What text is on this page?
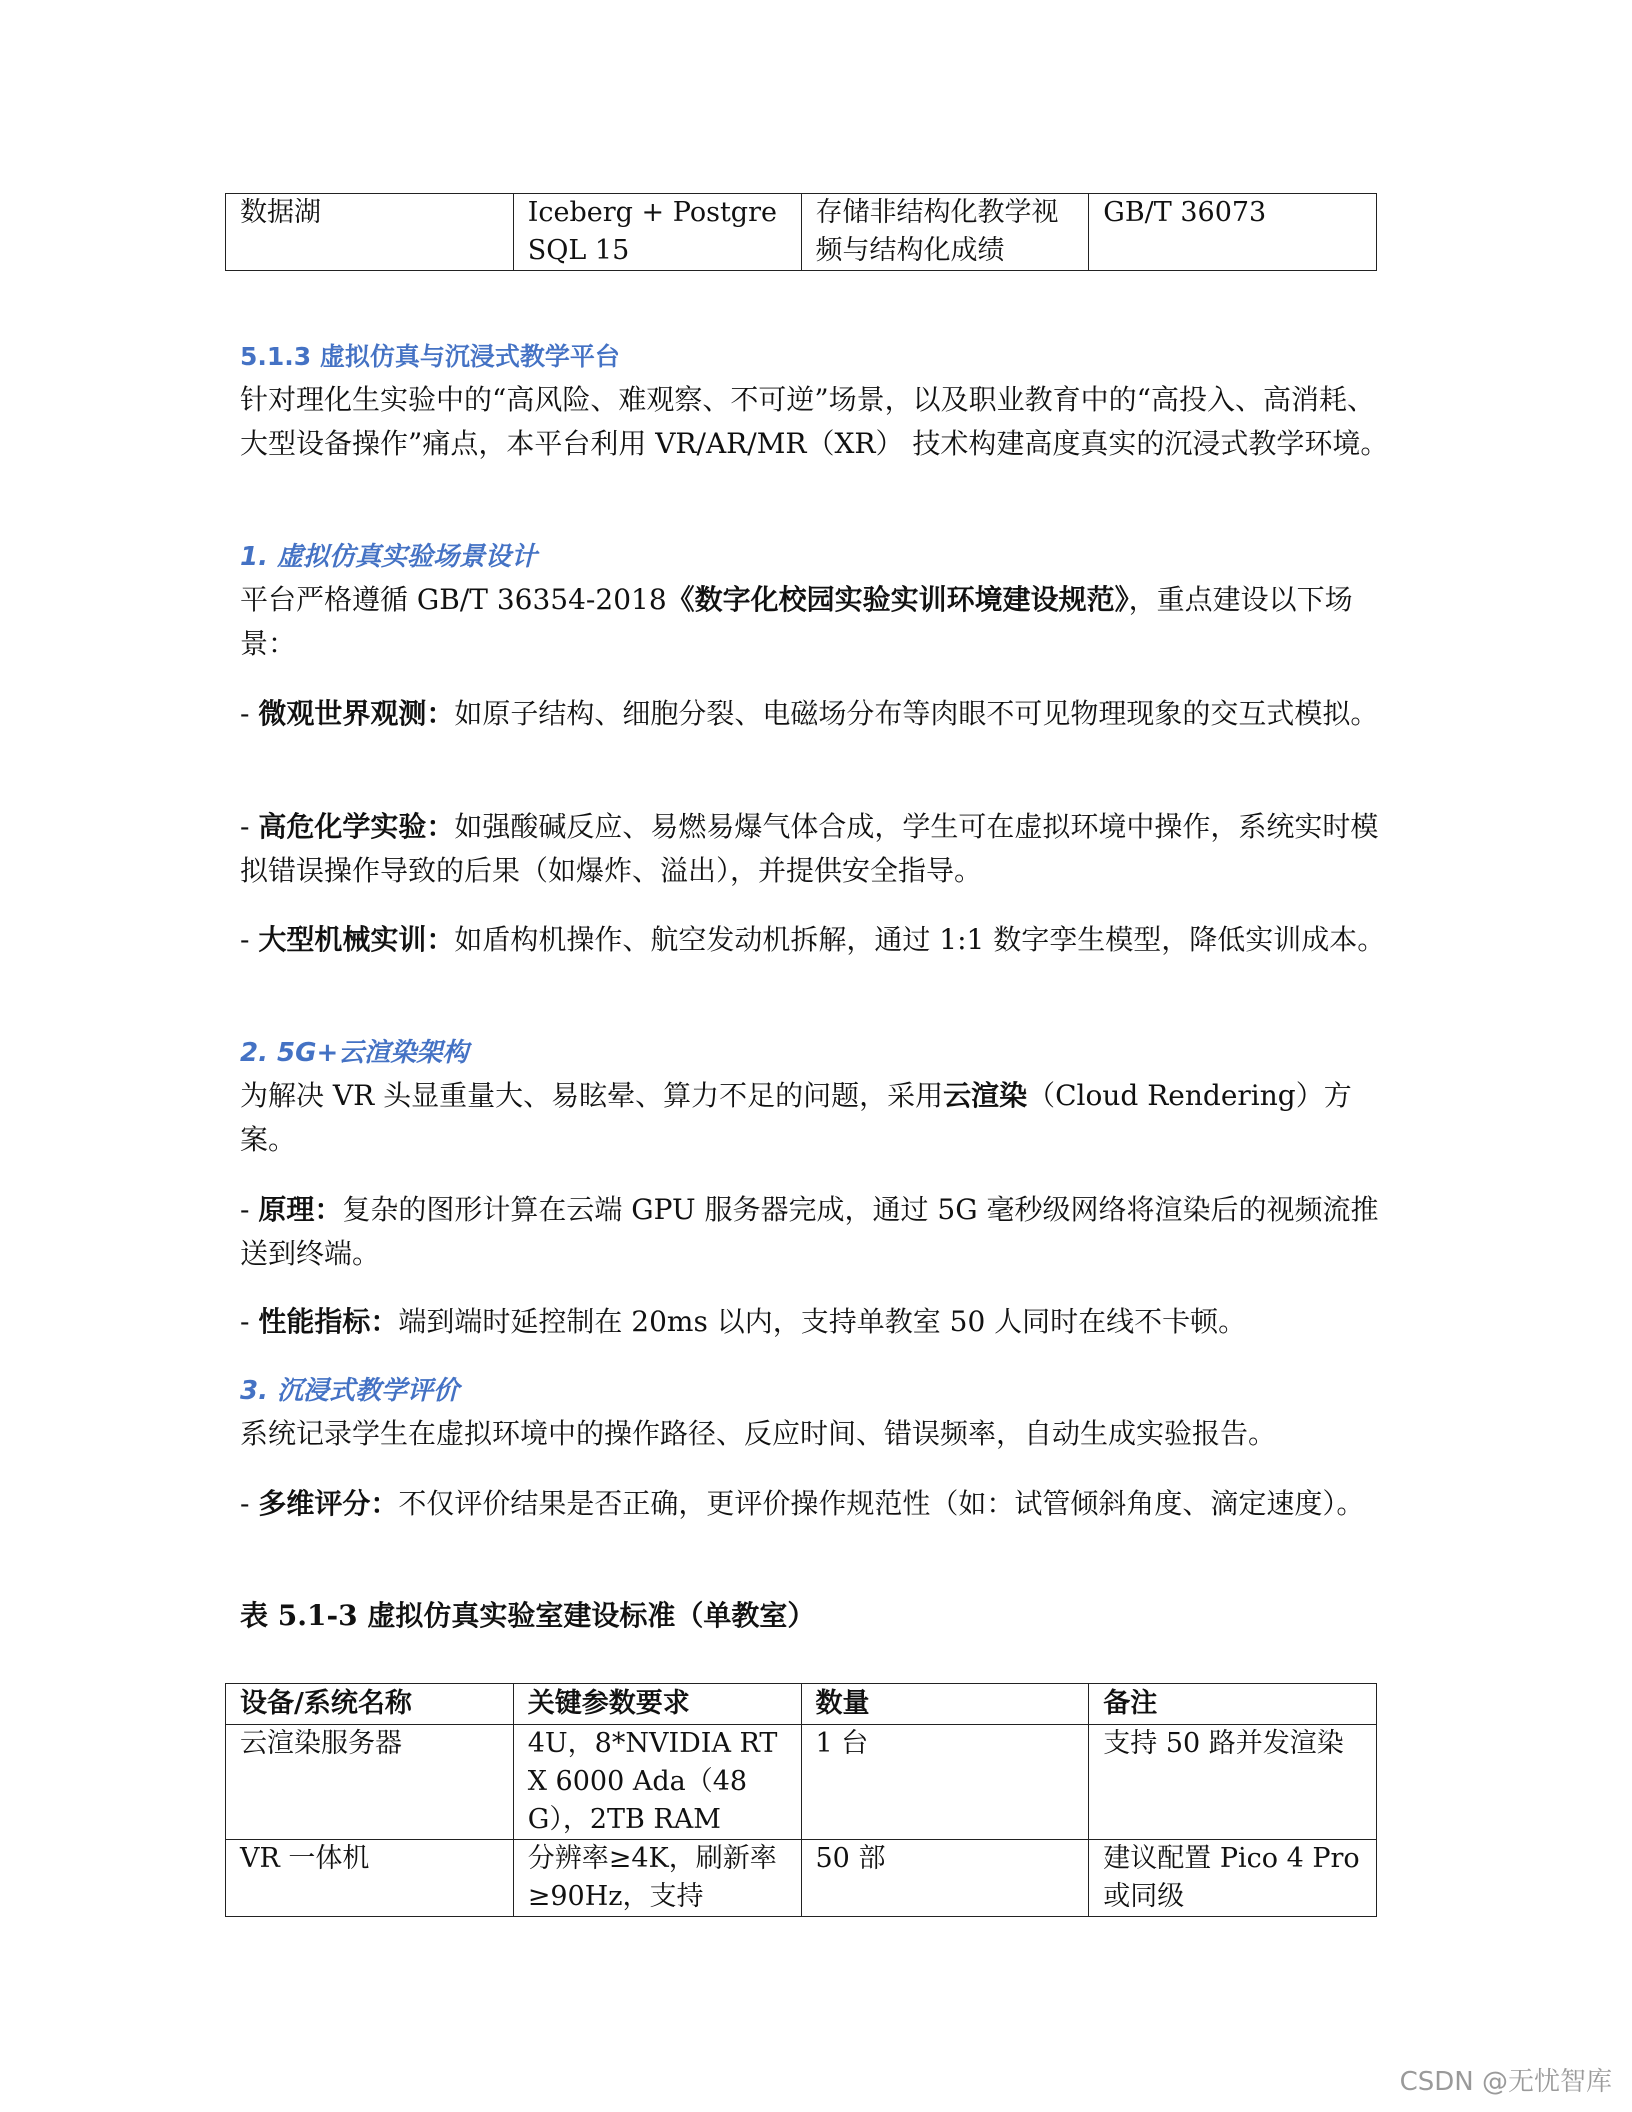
数据湖	Iceberg + PostgreSQL 15	存储非结构化教学视频与结构化成绩	GB/T 36073
5.1.3 虚拟仿真与沉浸式教学平台

针对理化生实验中的“高风险、难观察、不可逆”场景，以及职业教育中的“高投入、高消耗、大型设备操作”痛点，本平台利用 VR/AR/MR（XR） 技术构建高度真实的沉浸式教学环境。

1. 虚拟仿真实验场景设计

平台严格遵循 GB/T 36354-2018《数字化校园实验实训环境建设规范》，重点建设以下场景：

- 微观世界观测：如原子结构、细胞分裂、电磁场分布等肉眼不可见物理现象的交互式模拟。

- 高危化学实验：如强酸碱反应、易燃易爆气体合成，学生可在虚拟环境中操作，系统实时模拟错误操作导致的后果（如爆炸、溢出），并提供安全指导。

- 大型机械实训：如盾构机操作、航空发动机拆解，通过 1:1 数字孪生模型，降低实训成本。

2. 5G+云渲染架构

为解决 VR 头显重量大、易眩晕、算力不足的问题，采用云渲染（Cloud Rendering）方案。

- 原理：复杂的图形计算在云端 GPU 服务器完成，通过 5G 毫秒级网络将渲染后的视频流推送到终端。

- 性能指标：端到端时延控制在 20ms 以内，支持单教室 50 人同时在线不卡顿。

3. 沉浸式教学评价

系统记录学生在虚拟环境中的操作路径、反应时间、错误频率，自动生成实验报告。

- 多维评分：不仅评价结果是否正确，更评价操作规范性（如：试管倾斜角度、滴定速度）。

表 5.1-3 虚拟仿真实验室建设标准（单教室）

设备/系统名称	关键参数要求	数量	备注
云渲染服务器	4U，8*NVIDIA RTX 6000 Ada（48G），2TB RAM	1 台	支持 50 路并发渲染
VR 一体机	分辨率≥4K，刷新率≥90Hz，支持	50 部	建议配置 Pico 4 Pro 或同级
CSDN @无忧智库
